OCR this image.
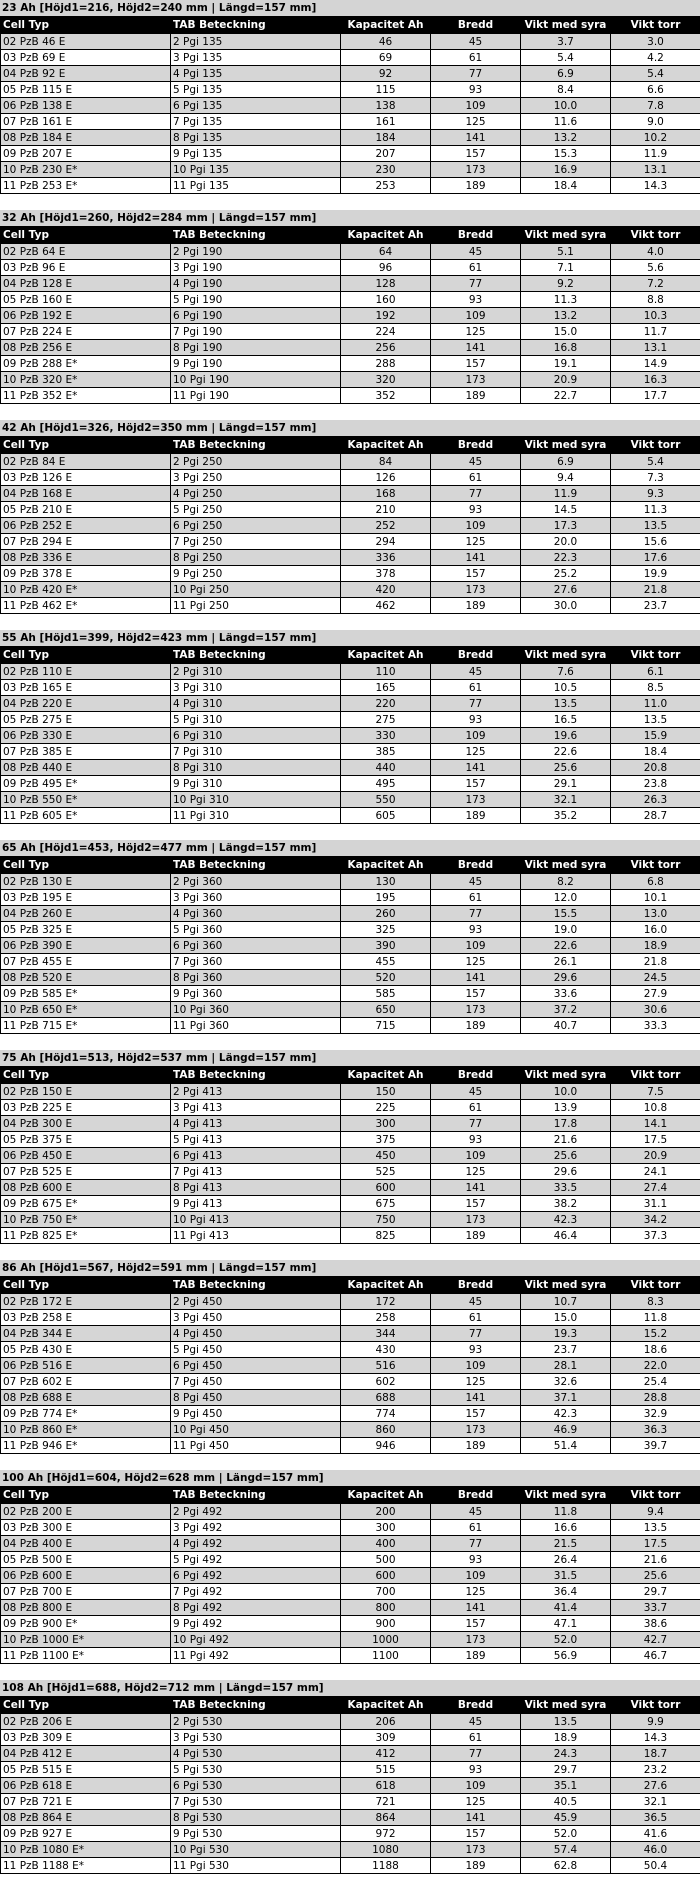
23 Ah [Höjd1=216, Höjd2=240 mm | Längd=157 mm]
Cell Typ	TAB Beteckning	Kapacitet Ah	Bredd	Vikt med syra	Vikt torr
02 PzB 46 E	2 Pgi 135	46	45	3.7	3.0
03 PzB 69 E	3 Pgi 135	69	61	5.4	4.2
04 PzB 92 E	4 Pgi 135	92	77	6.9	5.4
05 PzB 115 E	5 Pgi 135	115	93	8.4	6.6
06 PzB 138 E	6 Pgi 135	138	109	10.0	7.8
07 PzB 161 E	7 Pgi 135	161	125	11.6	9.0
08 PzB 184 E	8 Pgi 135	184	141	13.2	10.2
09 PzB 207 E	9 Pgi 135	207	157	15.3	11.9
10 PzB 230 E*	10 Pgi 135	230	173	16.9	13.1
11 PzB 253 E*	11 Pgi 135	253	189	18.4	14.3
32 Ah [Höjd1=260, Höjd2=284 mm | Längd=157 mm]
Cell Typ	TAB Beteckning	Kapacitet Ah	Bredd	Vikt med syra	Vikt torr
02 PzB 64 E	2 Pgi 190	64	45	5.1	4.0
03 PzB 96 E	3 Pgi 190	96	61	7.1	5.6
04 PzB 128 E	4 Pgi 190	128	77	9.2	7.2
05 PzB 160 E	5 Pgi 190	160	93	11.3	8.8
06 PzB 192 E	6 Pgi 190	192	109	13.2	10.3
07 PzB 224 E	7 Pgi 190	224	125	15.0	11.7
08 PzB 256 E	8 Pgi 190	256	141	16.8	13.1
09 PzB 288 E*	9 Pgi 190	288	157	19.1	14.9
10 PzB 320 E*	10 Pgi 190	320	173	20.9	16.3
11 PzB 352 E*	11 Pgi 190	352	189	22.7	17.7
42 Ah [Höjd1=326, Höjd2=350 mm | Längd=157 mm]
Cell Typ	TAB Beteckning	Kapacitet Ah	Bredd	Vikt med syra	Vikt torr
02 PzB 84 E	2 Pgi 250	84	45	6.9	5.4
03 PzB 126 E	3 Pgi 250	126	61	9.4	7.3
04 PzB 168 E	4 Pgi 250	168	77	11.9	9.3
05 PzB 210 E	5 Pgi 250	210	93	14.5	11.3
06 PzB 252 E	6 Pgi 250	252	109	17.3	13.5
07 PzB 294 E	7 Pgi 250	294	125	20.0	15.6
08 PzB 336 E	8 Pgi 250	336	141	22.3	17.6
09 PzB 378 E	9 Pgi 250	378	157	25.2	19.9
10 PzB 420 E*	10 Pgi 250	420	173	27.6	21.8
11 PzB 462 E*	11 Pgi 250	462	189	30.0	23.7
55 Ah [Höjd1=399, Höjd2=423 mm | Längd=157 mm]
Cell Typ	TAB Beteckning	Kapacitet Ah	Bredd	Vikt med syra	Vikt torr
02 PzB 110 E	2 Pgi 310	110	45	7.6	6.1
03 PzB 165 E	3 Pgi 310	165	61	10.5	8.5
04 PzB 220 E	4 Pgi 310	220	77	13.5	11.0
05 PzB 275 E	5 Pgi 310	275	93	16.5	13.5
06 PzB 330 E	6 Pgi 310	330	109	19.6	15.9
07 PzB 385 E	7 Pgi 310	385	125	22.6	18.4
08 PzB 440 E	8 Pgi 310	440	141	25.6	20.8
09 PzB 495 E*	9 Pgi 310	495	157	29.1	23.8
10 PzB 550 E*	10 Pgi 310	550	173	32.1	26.3
11 PzB 605 E*	11 Pgi 310	605	189	35.2	28.7
65 Ah [Höjd1=453, Höjd2=477 mm | Längd=157 mm]
Cell Typ	TAB Beteckning	Kapacitet Ah	Bredd	Vikt med syra	Vikt torr
02 PzB 130 E	2 Pgi 360	130	45	8.2	6.8
03 PzB 195 E	3 Pgi 360	195	61	12.0	10.1
04 PzB 260 E	4 Pgi 360	260	77	15.5	13.0
05 PzB 325 E	5 Pgi 360	325	93	19.0	16.0
06 PzB 390 E	6 Pgi 360	390	109	22.6	18.9
07 PzB 455 E	7 Pgi 360	455	125	26.1	21.8
08 PzB 520 E	8 Pgi 360	520	141	29.6	24.5
09 PzB 585 E*	9 Pgi 360	585	157	33.6	27.9
10 PzB 650 E*	10 Pgi 360	650	173	37.2	30.6
11 PzB 715 E*	11 Pgi 360	715	189	40.7	33.3
75 Ah [Höjd1=513, Höjd2=537 mm | Längd=157 mm]
Cell Typ	TAB Beteckning	Kapacitet Ah	Bredd	Vikt med syra	Vikt torr
02 PzB 150 E	2 Pgi 413	150	45	10.0	7.5
03 PzB 225 E	3 Pgi 413	225	61	13.9	10.8
04 PzB 300 E	4 Pgi 413	300	77	17.8	14.1
05 PzB 375 E	5 Pgi 413	375	93	21.6	17.5
06 PzB 450 E	6 Pgi 413	450	109	25.6	20.9
07 PzB 525 E	7 Pgi 413	525	125	29.6	24.1
08 PzB 600 E	8 Pgi 413	600	141	33.5	27.4
09 PzB 675 E*	9 Pgi 413	675	157	38.2	31.1
10 PzB 750 E*	10 Pgi 413	750	173	42.3	34.2
11 PzB 825 E*	11 Pgi 413	825	189	46.4	37.3
86 Ah [Höjd1=567, Höjd2=591 mm | Längd=157 mm]
Cell Typ	TAB Beteckning	Kapacitet Ah	Bredd	Vikt med syra	Vikt torr
02 PzB 172 E	2 Pgi 450	172	45	10.7	8.3
03 PzB 258 E	3 Pgi 450	258	61	15.0	11.8
04 PzB 344 E	4 Pgi 450	344	77	19.3	15.2
05 PzB 430 E	5 Pgi 450	430	93	23.7	18.6
06 PzB 516 E	6 Pgi 450	516	109	28.1	22.0
07 PzB 602 E	7 Pgi 450	602	125	32.6	25.4
08 PzB 688 E	8 Pgi 450	688	141	37.1	28.8
09 PzB 774 E*	9 Pgi 450	774	157	42.3	32.9
10 PzB 860 E*	10 Pgi 450	860	173	46.9	36.3
11 PzB 946 E*	11 Pgi 450	946	189	51.4	39.7
100 Ah [Höjd1=604, Höjd2=628 mm | Längd=157 mm]
Cell Typ	TAB Beteckning	Kapacitet Ah	Bredd	Vikt med syra	Vikt torr
02 PzB 200 E	2 Pgi 492	200	45	11.8	9.4
03 PzB 300 E	3 Pgi 492	300	61	16.6	13.5
04 PzB 400 E	4 Pgi 492	400	77	21.5	17.5
05 PzB 500 E	5 Pgi 492	500	93	26.4	21.6
06 PzB 600 E	6 Pgi 492	600	109	31.5	25.6
07 PzB 700 E	7 Pgi 492	700	125	36.4	29.7
08 PzB 800 E	8 Pgi 492	800	141	41.4	33.7
09 PzB 900 E*	9 Pgi 492	900	157	47.1	38.6
10 PzB 1000 E*	10 Pgi 492	1000	173	52.0	42.7
11 PzB 1100 E*	11 Pgi 492	1100	189	56.9	46.7
108 Ah [Höjd1=688, Höjd2=712 mm | Längd=157 mm]
Cell Typ	TAB Beteckning	Kapacitet Ah	Bredd	Vikt med syra	Vikt torr
02 PzB 206 E	2 Pgi 530	206	45	13.5	9.9
03 PzB 309 E	3 Pgi 530	309	61	18.9	14.3
04 PzB 412 E	4 Pgi 530	412	77	24.3	18.7
05 PzB 515 E	5 Pgi 530	515	93	29.7	23.2
06 PzB 618 E	6 Pgi 530	618	109	35.1	27.6
07 PzB 721 E	7 Pgi 530	721	125	40.5	32.1
08 PzB 864 E	8 Pgi 530	864	141	45.9	36.5
09 PzB 927 E	9 Pgi 530	972	157	52.0	41.6
10 PzB 1080 E*	10 Pgi 530	1080	173	57.4	46.0
11 PzB 1188 E*	11 Pgi 530	1188	189	62.8	50.4
